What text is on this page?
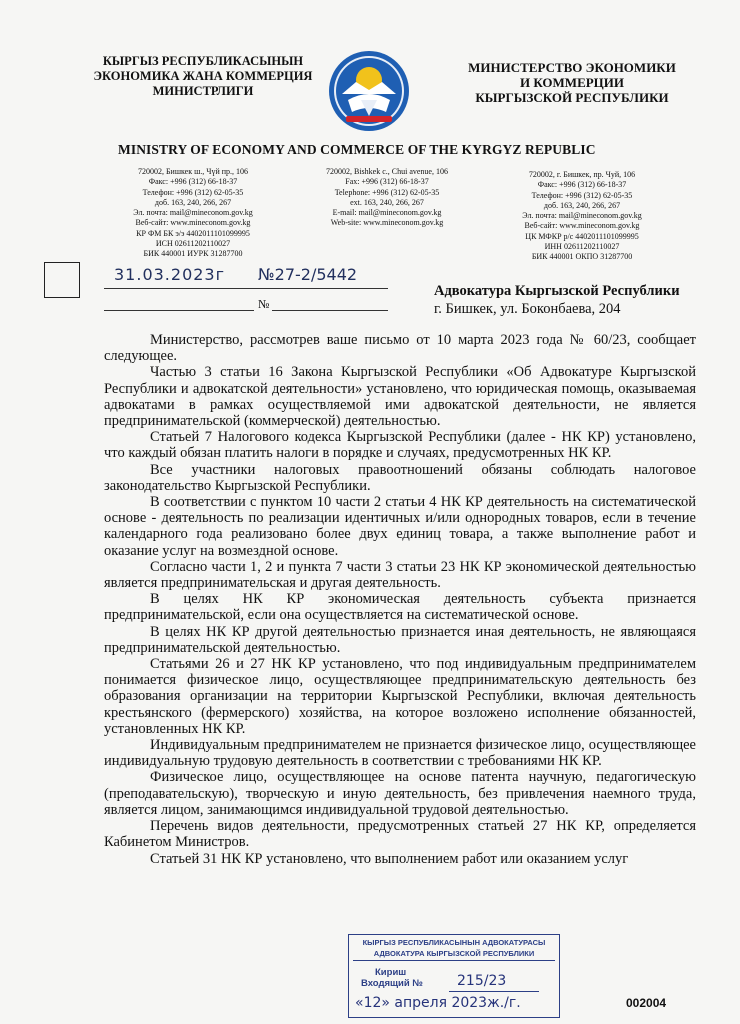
КЫРГЫЗ РЕСПУБЛИКАСЫНЫН
ЭКОНОМИКА ЖАНА КОММЕРЦИЯ
МИНИСТРЛИГИ
МИНИСТЕРСТВО ЭКОНОМИКИ
И КОММЕРЦИИ
КЫРГЫЗСКОЙ РЕСПУБЛИКИ
MINISTRY OF ECONOMY AND COMMERCE OF THE KYRGYZ REPUBLIC
720002, Бишкек ш., Чүй пр., 106
Факс: +996 (312) 66-18-37
Телефон: +996 (312) 62-05-35
доб. 163, 240, 266, 267
Эл. почта: mail@mineconom.gov.kg
Веб-сайт: www.mineconom.gov.kg
КР ФМ БК э/э 4402011101099995
ИСН 02611202110027
БИК 440001 ИУРК 31287700
720002, Bishkek c., Chui avenue, 106
Fax: +996 (312) 66-18-37
Telephone: +996 (312) 62-05-35
ext. 163, 240, 266, 267
E-mail: mail@mineconom.gov.kg
Web-site: www.mineconom.gov.kg
720002, г. Бишкек, пр. Чуй, 106
Факс: +996 (312) 66-18-37
Телефон: +996 (312) 62-05-35
доб. 163, 240, 266, 267
Эл. почта: mail@mineconom.gov.kg
Веб-сайт: www.mineconom.gov.kg
ЦК МФКР р/с 4402011101099995
ИНН 02611202110027
БИК 440001 ОКПО 31287700
31.03.2023г №27-2/5442
№
Адвокатура Кыргызской Республики
г. Бишкек, ул. Боконбаева, 204

Министерство, рассмотрев ваше письмо от 10 марта 2023 года № 60/23, сообщает следующее.

Частью 3 статьи 16 Закона Кыргызской Республики «Об Адвокатуре Кыргызской Республики и адвокатской деятельности» установлено, что юридическая помощь, оказываемая адвокатами в рамках осуществляемой ими адвокатской деятельности, не является предпринимательской (коммерческой) деятельностью.

Статьей 7 Налогового кодекса Кыргызской Республики (далее - НК КР) установлено, что каждый обязан платить налоги в порядке и случаях, предусмотренных НК КР.

Все участники налоговых правоотношений обязаны соблюдать налоговое законодательство Кыргызской Республики.

В соответствии с пунктом 10 части 2 статьи 4 НК КР деятельность на систематической основе - деятельность по реализации идентичных и/или однородных товаров, если в течение календарного года реализовано более двух единиц товара, а также выполнение работ и оказание услуг на возмездной основе.

Согласно части 1, 2 и пункта 7 части 3 статьи 23 НК КР экономической деятельностью является предпринимательская и другая деятельность.

В целях НК КР экономическая деятельность субъекта признается предпринимательской, если она осуществляется на систематической основе.

В целях НК КР другой деятельностью признается иная деятельность, не являющаяся предпринимательской деятельностью.

Статьями 26 и 27 НК КР установлено, что под индивидуальным предпринимателем понимается физическое лицо, осуществляющее предпринимательскую деятельность без образования организации на территории Кыргызской Республики, включая деятельность крестьянского (фермерского) хозяйства, на которое возложено исполнение обязанностей, установленных НК КР.

Индивидуальным предпринимателем не признается физическое лицо, осуществляющее индивидуальную трудовую деятельность в соответствии с требованиями НК КР.

Физическое лицо, осуществляющее на основе патента научную, педагогическую (преподавательскую), творческую и иную деятельность, без привлечения наемного труда, является лицом, занимающимся индивидуальной трудовой деятельностью.

Перечень видов деятельности, предусмотренных статьей 27 НК КР, определяется Кабинетом Министров.

Статьей 31 НК КР установлено, что выполнением работ или оказанием услуг

КЫРГЫЗ РЕСПУБЛИКАСЫНЫН АДВОКАТУРАСЫ
АДВОКАТУРА КЫРГЫЗСКОЙ РЕСПУБЛИКИ
Кириш
Входящий № 215/23
«12» апреля 2023ж./г.	002004
